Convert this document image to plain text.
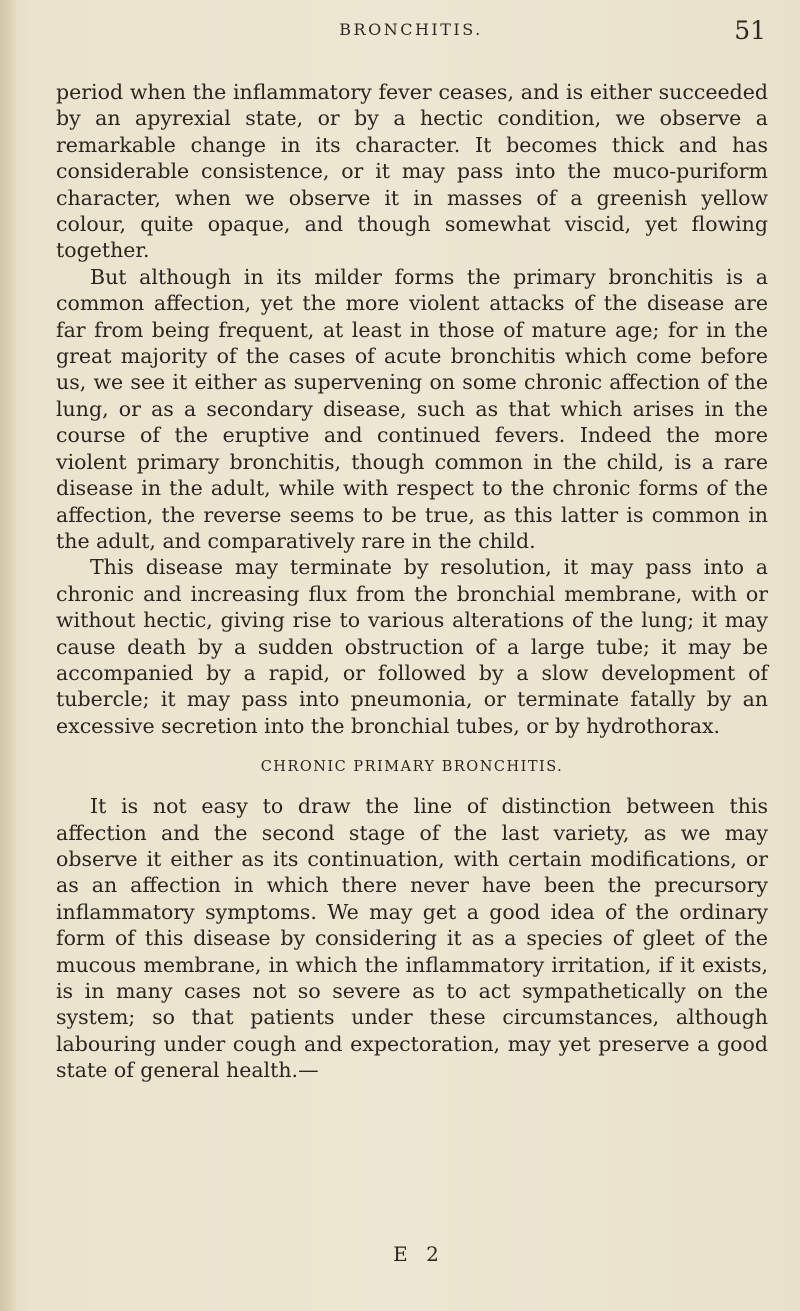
BRONCHITIS.	51

period when the inflammatory fever ceases, and is either succeeded by an apyrexial state, or by a hectic condition, we observe a remarkable change in its character. It becomes thick and has considerable consistence, or it may pass into the muco-puriform character, when we observe it in masses of a greenish yellow colour, quite opaque, and though somewhat viscid, yet flowing together.

But although in its milder forms the primary bronchitis is a common affection, yet the more violent attacks of the disease are far from being frequent, at least in those of mature age; for in the great majority of the cases of acute bronchitis which come before us, we see it either as supervening on some chronic affection of the lung, or as a secondary disease, such as that which arises in the course of the eruptive and continued fevers. Indeed the more violent primary bronchitis, though common in the child, is a rare disease in the adult, while with respect to the chronic forms of the affection, the reverse seems to be true, as this latter is common in the adult, and comparatively rare in the child.

This disease may terminate by resolution, it may pass into a chronic and increasing flux from the bronchial membrane, with or without hectic, giving rise to various alterations of the lung; it may cause death by a sudden obstruction of a large tube; it may be accompanied by a rapid, or followed by a slow development of tubercle; it may pass into pneumonia, or terminate fatally by an excessive secretion into the bronchial tubes, or by hydrothorax.

CHRONIC PRIMARY BRONCHITIS.

It is not easy to draw the line of distinction between this affection and the second stage of the last variety, as we may observe it either as its continuation, with certain modifications, or as an affection in which there never have been the precursory inflammatory symptoms. We may get a good idea of the ordinary form of this disease by considering it as a species of gleet of the mucous membrane, in which the inflammatory irritation, if it exists, is in many cases not so severe as to act sympathetically on the system; so that patients under these circumstances, although labouring under cough and expectoration, may yet preserve a good state of general health.—

E 2
